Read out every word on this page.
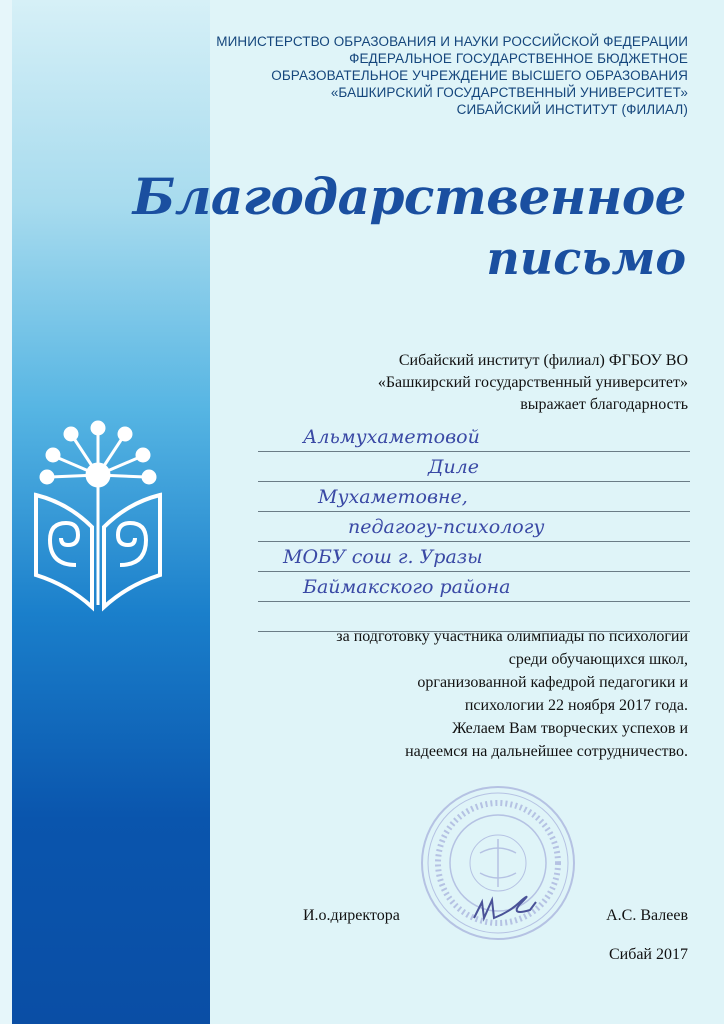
МИНИСТЕРСТВО ОБРАЗОВАНИЯ И НАУКИ РОССИЙСКОЙ ФЕДЕРАЦИИ
ФЕДЕРАЛЬНОЕ ГОСУДАРСТВЕННОЕ БЮДЖЕТНОЕ
ОБРАЗОВАТЕЛЬНОЕ УЧРЕЖДЕНИЕ ВЫСШЕГО ОБРАЗОВАНИЯ
«БАШКИРСКИЙ ГОСУДАРСТВЕННЫЙ УНИВЕРСИТЕТ»
СИБАЙСКИЙ ИНСТИТУТ (ФИЛИАЛ)
Благодарственное
письмо
Сибайский институт (филиал) ФГБОУ ВО
«Башкирский государственный университет»
выражает благодарность
Альмухаметовой
Диле
Мухаметовне,
педагогу-психологу
МОБУ сош г. Уразы
Баймакского района
за подготовку участника олимпиады по психологии
среди обучающихся школ,
организованной кафедрой педагогики и
психологии 22 ноября 2017 года.
Желаем Вам творческих успехов и
надеемся на дальнейшее сотрудничество.
И.о.директора	А.С. Валеев
Сибай 2017
